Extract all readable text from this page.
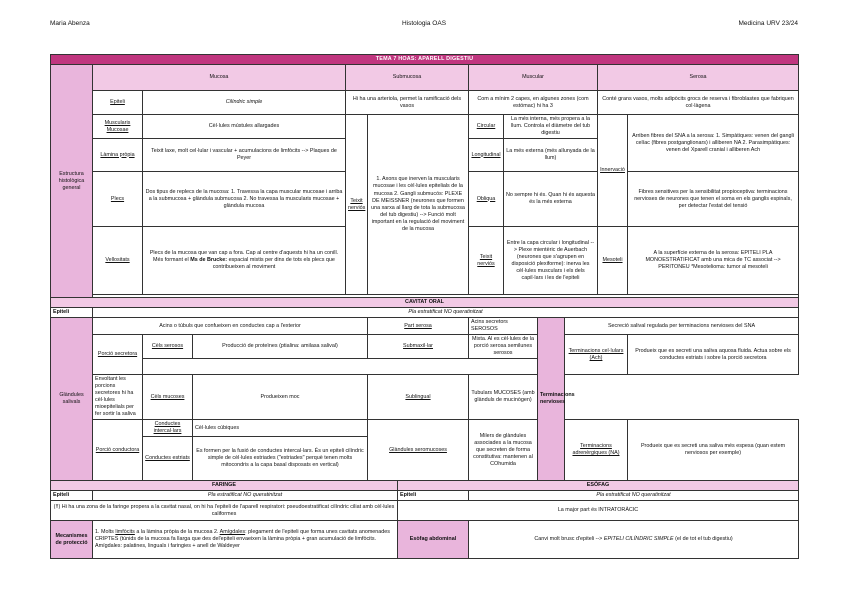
Maria Abenza	Histologia OAS	Medicina URV 23/24
TEMA 7 HOAS: APARELL DIGESTIU												
Estructura histològica general	Mucosa			Submucosa			Muscular				Serosa	
	Epiteli	Cilíndric simple		Hi ha una arteriola, permet la ramificació dels vasos			Com a mínim 2 capes, en algunes zones (com estómac) hi ha 3				Conté grans vasos, molts adipòcits grocs de reserva i fibroblastes que fabriquen col·làgena	
	Muscularis Mucosae	Cèl·lules mústules allargades		Teixit nerviós	1. Axons que inerven la muscularis mucosae i les cèl·lules epitelials de la mucosa 2. Gangli submucós: PLEXE DE MEISSNER (neurones que formen una xarxa al llarg de tota la submucosa del tub digestiu) --> Funció molt important en la regulació del moviment de la mucosa		Circular	La més interna, més propera a la llum. Controla el diàmetre del tub digestiu			Innervació	Arriben fibres del SNA a la serosa: 1. Simpàtiques: venen del gangli celíac (fibres postganglionars) i alliberen NA 2. Parasimpàtiques: venen del Xparell cranial i alliberen Ach
	Làmina pròpia	Teixit laxe, molt cel·lular i vascular + acumulacions de limfòcits --> Plaques de Peyer					Longitudinal	La més externa (més allunyada de la llum)				
	Plecs	Dos tipus de replecs de la mucosa: 1. Travessa la capa muscular mucosae i arriba a la submucosa + glàndula submucosa 2. No travessa la muscularis mucosae + glàndula mucosa					Obliqua	No sempre hi és. Quan hi és aquesta és la més externa				Fibres sensitives per la sensibilitat propioceptiva: terminacions nervioses de neurones que tenen el soma en els ganglis espinals, per detectar l'estat del tensió
	Vellositats	Plecs de la mucosa que van cap a fora. Cap al centre d'aquests hi ha un conill. Més formant el Ms de Brucke: espacial mistis per dins de tots els plecs que contribueixen al moviment					Teixit nerviós	Entre la capa circular i longitudinal --> Plexe mientèric de Auerbach (neurones que s'agrupen en disposició plexiforme): inerva les cèl·lules musculars i els dels capil·lars i les de l'epiteli			Mesoteli	A la superfície externa de la serosa: EPITELI PLA MONOESTRATIFICAT amb una mica de TC associat --> PERITONEU *Mesotelioma: tumor al mesoteli

CAVITAT ORAL												
Epiteli	Pla estratificat NO queratinitzat											
Glàndules salivals	Acins o túbuls que confueixen en conductes cap a l'exterior				Part serosa		Acins secretors SEROSOS		Terminacions nervioses	Secreció salival regulada per terminacions nervioses del SNA		
	Porció secretora	Cèls serosos	Producció de proteïnes (ptialina: amilasa salival)		Submaxil·lar		Mixta. Al es cèl·lules de la porció serosa semilunes serosos			Terminacions cel·lulars (Ach)		Produeix que es secreti una saliva aquosa fluida. Actua sobre els conductes estriats i sobre la porció secretora

	Envoltant les porcions secretores hi ha cèl·lules mioepitelials per fer sortir la saliva	Cèls mucoses	Produeixen moc		Sublingual		Tubulars MUCOSES (amb glànduls de mucinògen)					
	Porció conductora	Conductes intercal·lars	Cèl·lules cúbiques		Glàndules seromucoses		Milers de glàndules associades a la mucosa que secreten de forma constitutiva: mantenen al COhumida			Terminacions adrenèrgiques (NA)		Produeix que es secreti una saliva més espesa (quan estem nerviosos per exemple)
		Conductes estriats	Es formen per la fusió de conductes intercal·lars. És un epiteli cilíndric simple de cèl·lules estriades ("estriades" perquè tenen molts mitocondris a la capa basal disposats en vertical)									
FARINGE						ESÒFAG						
Epiteli	Pla estratificat NO queratinitzat					Epiteli	Pla estratificat NO queratinitzat					
(!!) Hi ha una zona de la faringe propera a la cavitat nasal, on hi ha l'epiteli de l'aparell respiratori: pseudoestratificat cilíndric ciliat amb cèl·lules califormes						La major part és INTRATORÀCIC						
Mecanismes de protecció	1. Molts limfòcits a la làmina pròpia de la mucosa 2. Amígdales: plegament de l'epiteli que forma unes cavitats anomenades CRIPTES (túnids de la mucosa fa llarga que des del'epiteli envaeixen la làmina pròpia + gran acumulació de limfòcits. Amígdales: palatines, linguals i faringies + anell de Waldeyer					Esòfag abdominal	Canvi molt brusc d'epiteli --> EPITELI CILÍNDRIC SIMPLE (el de tot el tub digestiu)					
